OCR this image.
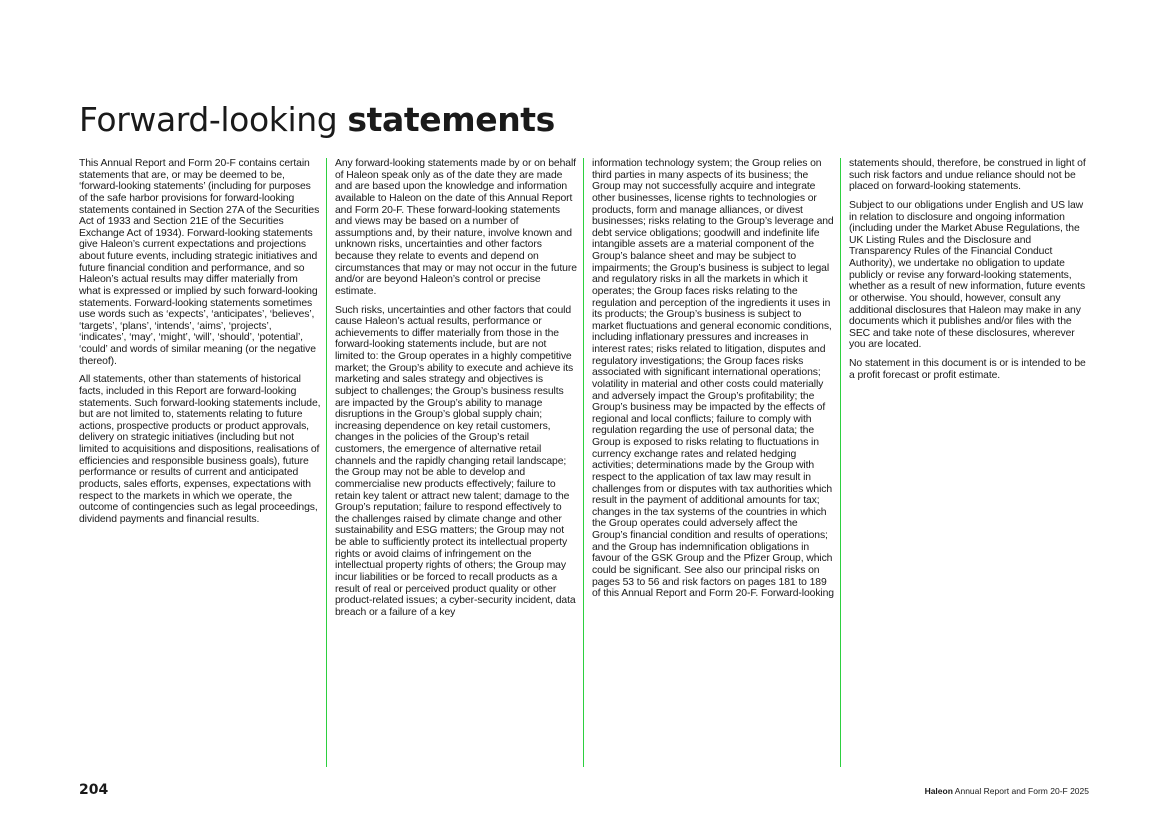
Forward-looking statements

This Annual Report and Form 20-F contains certain statements that are, or may be deemed to be, ‘forward-looking statements’ (including for purposes of the safe harbor provisions for forward-looking statements contained in Section 27A of the Securities Act of 1933 and Section 21E of the Securities Exchange Act of 1934). Forward-looking statements give Haleon’s current expectations and projections about future events, including strategic initiatives and future financial condition and performance, and so Haleon’s actual results may differ materially from what is expressed or implied by such forward-looking statements. Forward-looking statements sometimes use words such as ‘expects’, ‘anticipates’, ‘believes’, ‘targets’, ‘plans’, ‘intends’, ‘aims’, ‘projects’, ‘indicates’, ‘may’, ‘might’, ‘will’, ‘should’, ‘potential’, ‘could’ and words of similar meaning (or the negative thereof).

All statements, other than statements of historical facts, included in this Report are forward-looking statements. Such forward-looking statements include, but are not limited to, statements relating to future actions, prospective products or product approvals, delivery on strategic initiatives (including but not limited to acquisitions and dispositions, realisations of efficiencies and responsible business goals), future performance or results of current and anticipated products, sales efforts, expenses, expectations with respect to the markets in which we operate, the outcome of contingencies such as legal proceedings, dividend payments and financial results.

Any forward-looking statements made by or on behalf of Haleon speak only as of the date they are made and are based upon the knowledge and information available to Haleon on the date of this Annual Report and Form 20-F. These forward-looking statements and views may be based on a number of assumptions and, by their nature, involve known and unknown risks, uncertainties and other factors because they relate to events and depend on circumstances that may or may not occur in the future and/or are beyond Haleon’s control or precise estimate.

Such risks, uncertainties and other factors that could cause Haleon’s actual results, performance or achievements to differ materially from those in the forward-looking statements include, but are not limited to: the Group operates in a highly competitive market; the Group’s ability to execute and achieve its marketing and sales strategy and objectives is subject to challenges; the Group’s business results are impacted by the Group’s ability to manage disruptions in the Group’s global supply chain; increasing dependence on key retail customers, changes in the policies of the Group’s retail customers, the emergence of alternative retail channels and the rapidly changing retail landscape; the Group may not be able to develop and commercialise new products effectively; failure to retain key talent or attract new talent; damage to the Group’s reputation; failure to respond effectively to the challenges raised by climate change and other sustainability and ESG matters; the Group may not be able to sufficiently protect its intellectual property rights or avoid claims of infringement on the intellectual property rights of others; the Group may incur liabilities or be forced to recall products as a result of real or perceived product quality or other product-related issues; a cyber-security incident, data breach or a failure of a key

information technology system; the Group relies on third parties in many aspects of its business; the Group may not successfully acquire and integrate other businesses, license rights to technologies or products, form and manage alliances, or divest businesses; risks relating to the Group’s leverage and debt service obligations; goodwill and indefinite life intangible assets are a material component of the Group’s balance sheet and may be subject to impairments; the Group’s business is subject to legal and regulatory risks in all the markets in which it operates; the Group faces risks relating to the regulation and perception of the ingredients it uses in its products; the Group’s business is subject to market fluctuations and general economic conditions, including inflationary pressures and increases in interest rates; risks related to litigation, disputes and regulatory investigations; the Group faces risks associated with significant international operations; volatility in material and other costs could materially and adversely impact the Group’s profitability; the Group’s business may be impacted by the effects of regional and local conflicts; failure to comply with regulation regarding the use of personal data; the Group is exposed to risks relating to fluctuations in currency exchange rates and related hedging activities; determinations made by the Group with respect to the application of tax law may result in challenges from or disputes with tax authorities which result in the payment of additional amounts for tax; changes in the tax systems of the countries in which the Group operates could adversely affect the Group’s financial condition and results of operations; and the Group has indemnification obligations in favour of the GSK Group and the Pfizer Group, which could be significant. See also our principal risks on pages 53 to 56 and risk factors on pages 181 to 189 of this Annual Report and Form 20-F. Forward-looking

statements should, therefore, be construed in light of such risk factors and undue reliance should not be placed on forward-looking statements.

Subject to our obligations under English and US law in relation to disclosure and ongoing information (including under the Market Abuse Regulations, the UK Listing Rules and the Disclosure and Transparency Rules of the Financial Conduct Authority), we undertake no obligation to update publicly or revise any forward-looking statements, whether as a result of new information, future events or otherwise. You should, however, consult any additional disclosures that Haleon may make in any documents which it publishes and/or files with the SEC and take note of these disclosures, wherever you are located.

No statement in this document is or is intended to be a profit forecast or profit estimate.

204	Haleon Annual Report and Form 20-F 2025
